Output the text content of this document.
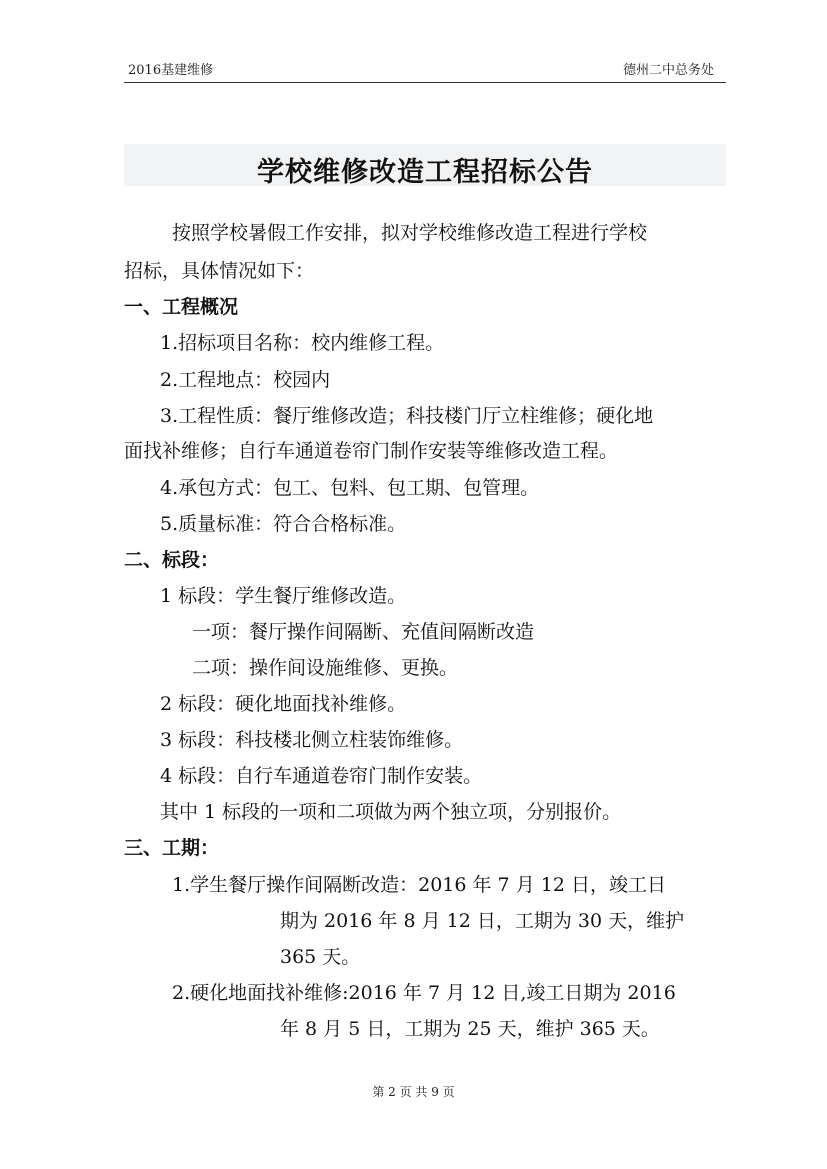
2016基建维修	德州二中总务处
学校维修改造工程招标公告
按照学校暑假工作安排，拟对学校维修改造工程进行学校
招标，具体情况如下：
一、工程概况
1.招标项目名称：校内维修工程。
2.工程地点：校园内
3.工程性质：餐厅维修改造；科技楼门厅立柱维修；硬化地
面找补维修；自行车通道卷帘门制作安装等维修改造工程。
4.承包方式：包工、包料、包工期、包管理。
5.质量标准：符合合格标准。
二、标段：
1 标段：学生餐厅维修改造。
一项：餐厅操作间隔断、充值间隔断改造
二项：操作间设施维修、更换。
2 标段：硬化地面找补维修。
3 标段：科技楼北侧立柱装饰维修。
4 标段：自行车通道卷帘门制作安装。
其中 1 标段的一项和二项做为两个独立项，分别报价。
三、工期：
1.学生餐厅操作间隔断改造：2016 年 7 月 12 日，竣工日
期为 2016 年 8 月 12 日，工期为 30 天，维护
365 天。
2.硬化地面找补维修:2016 年 7 月 12 日,竣工日期为 2016
年 8 月 5 日，工期为 25 天，维护 365 天。
第 2 页 共 9 页
